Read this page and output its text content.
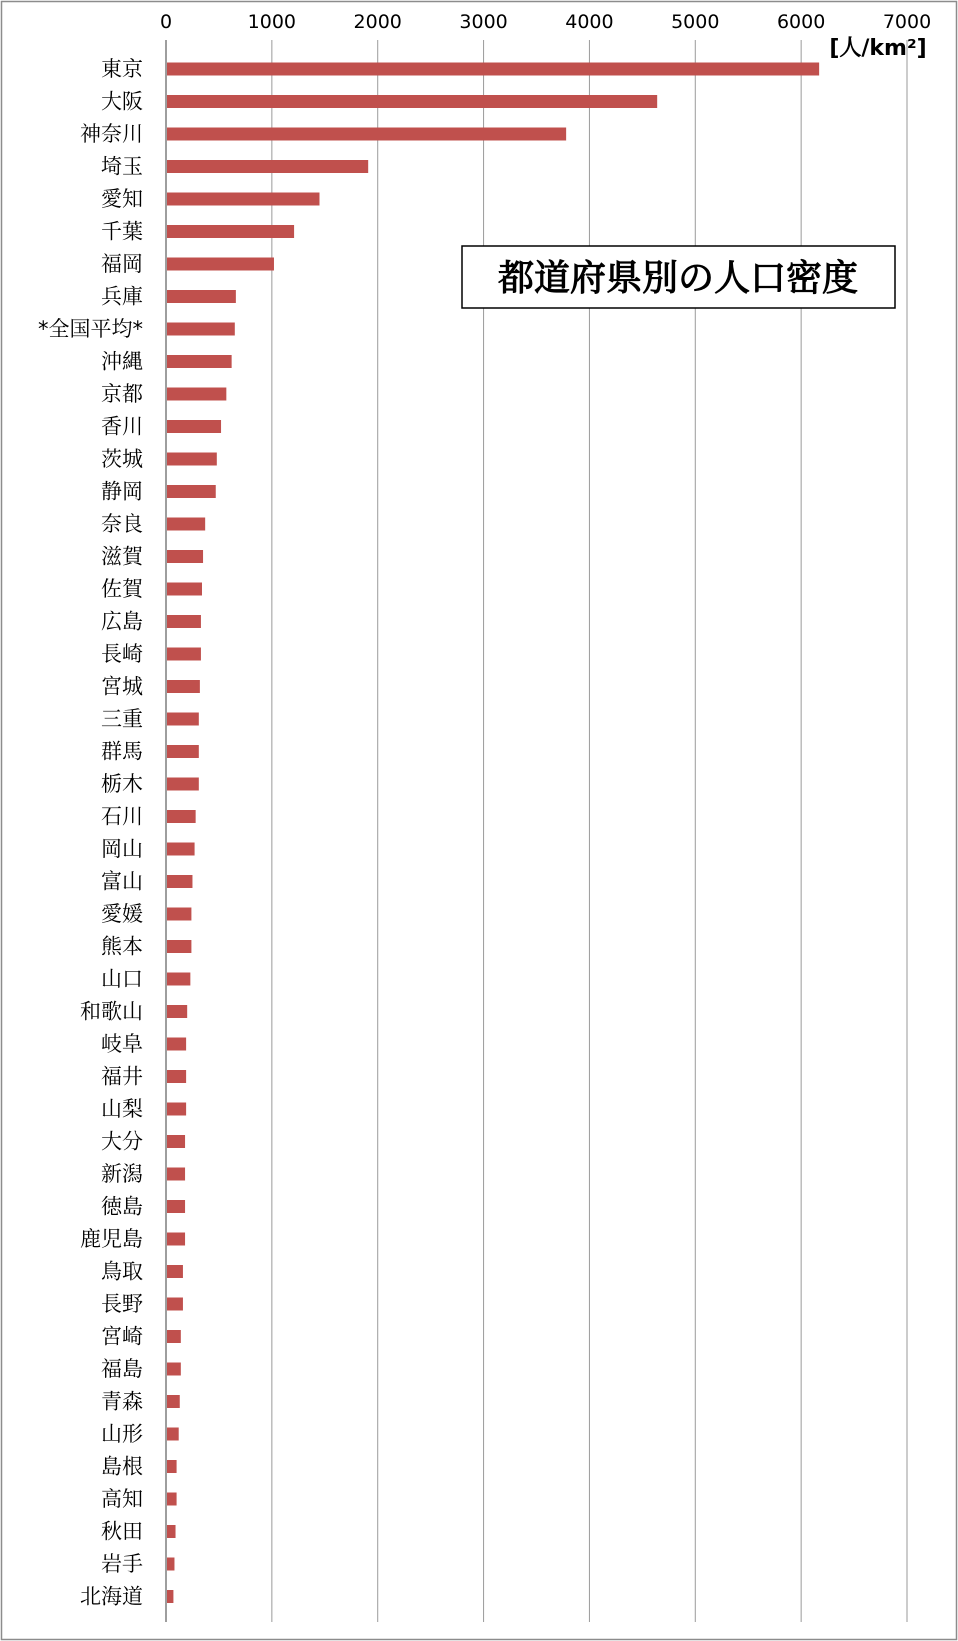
0	1000	2000	3000	4000	5000	6000	7000
東京
大阪
神奈川
埼玉
愛知
千葉
福岡
兵庫
*全国平均*
沖縄
京都
香川
茨城
静岡
奈良
滋賀
佐賀
広島
長崎
宮城
三重
群馬
栃木
石川
岡山
富山
愛媛
熊本
山口
和歌山
岐阜
福井
山梨
大分
新潟
徳島
鹿児島
鳥取
長野
宮崎
福島
青森
山形
島根
高知
秋田
岩手
北海道
[人/km²]
都道府県別の人口密度
